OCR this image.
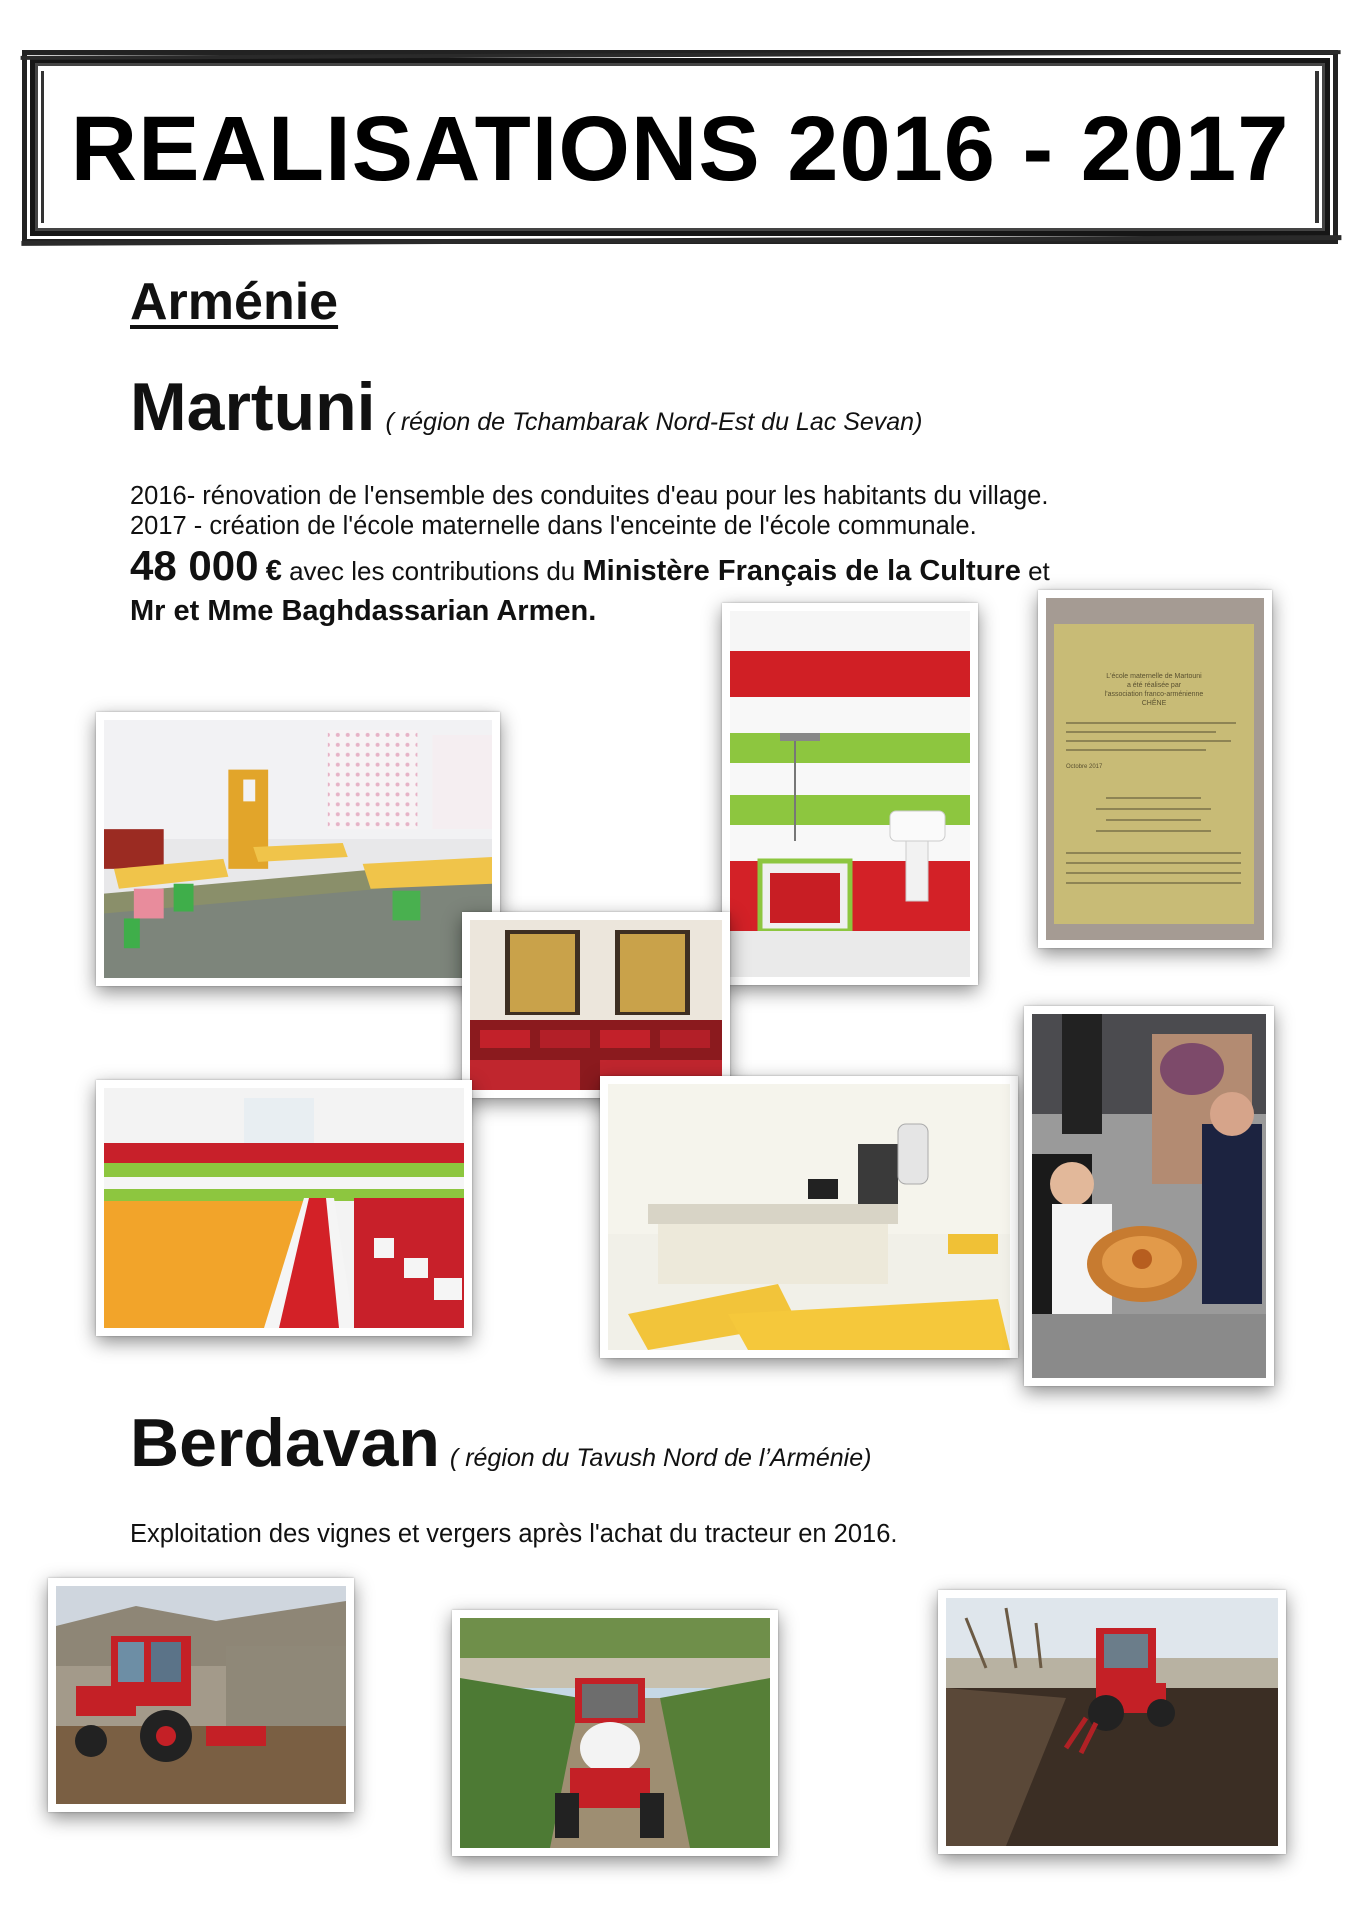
REALISATIONS 2016 - 2017
Arménie
Martuni ( région de Tchambarak Nord-Est du Lac Sevan)
2016- rénovation de l'ensemble des conduites d'eau pour les habitants du village.
2017 - création de l'école maternelle dans l'enceinte de l'école communale.
48 000 € avec les contributions du Ministère Français de la Culture et
Mr et Mme Baghdassarian Armen.
L'école maternelle de Martouni
a été réalisée par
l'association franco-arménienne
CHÊNE
Octobre 2017
Berdavan ( région du Tavush Nord de l’Arménie)
Exploitation des vignes et vergers après l'achat du tracteur en 2016.
